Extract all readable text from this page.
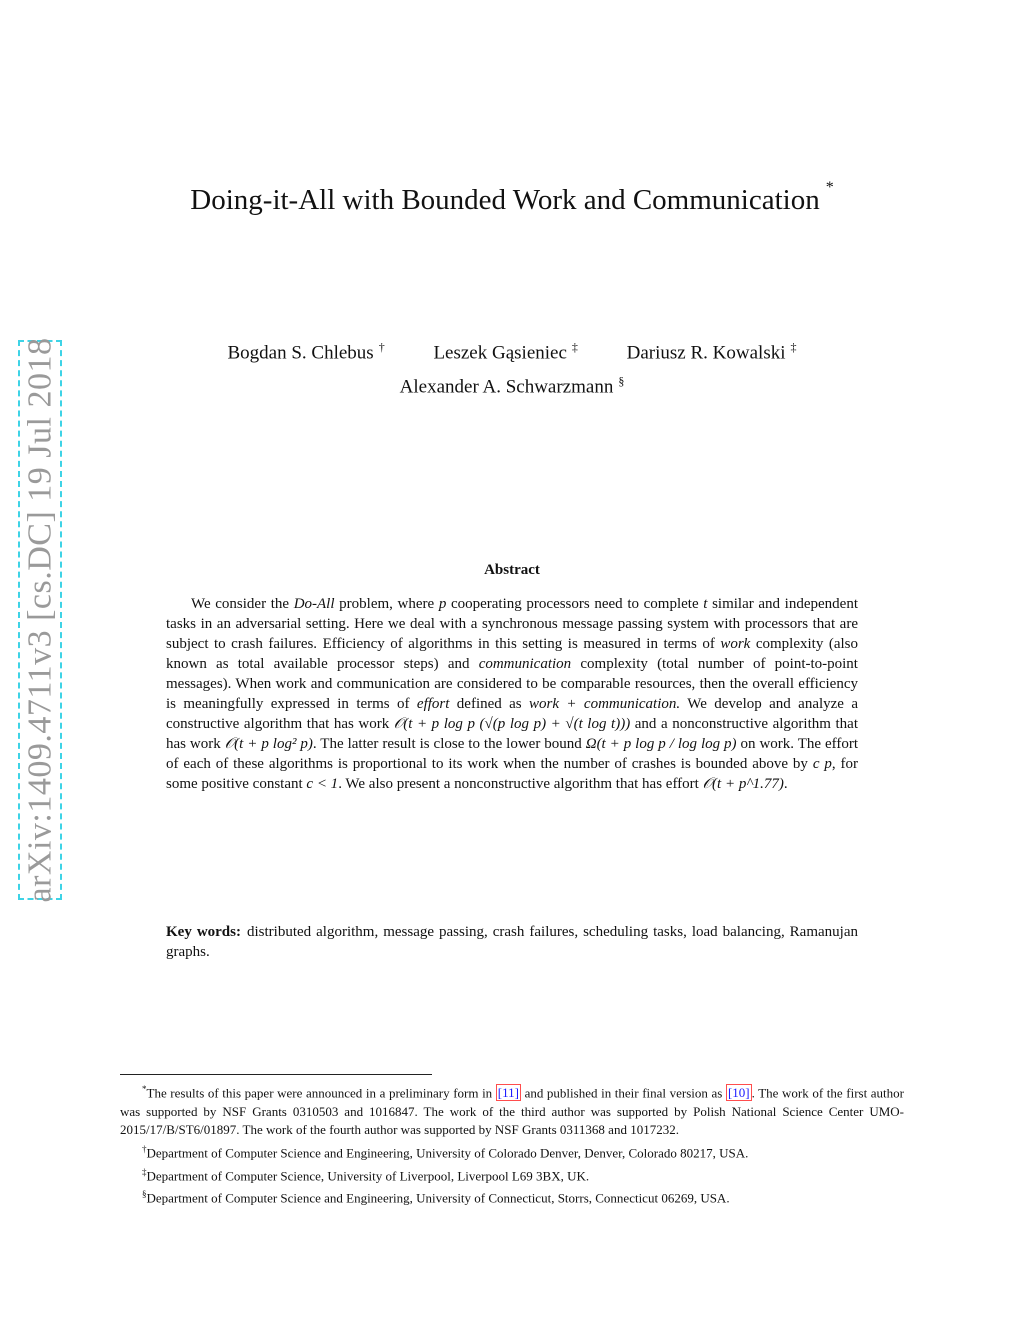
arXiv:1409.4711v3 [cs.DC] 19 Jul 2018
Doing-it-All with Bounded Work and Communication *
Bogdan S. Chlebus †	Leszek Gąsieniec ‡	Dariusz R. Kowalski ‡
Alexander A. Schwarzmann §
Abstract
We consider the Do-All problem, where p cooperating processors need to complete t similar and independent tasks in an adversarial setting. Here we deal with a synchronous message passing system with processors that are subject to crash failures. Efficiency of algorithms in this setting is measured in terms of work complexity (also known as total available processor steps) and communication complexity (total number of point-to-point messages). When work and communication are considered to be comparable resources, then the overall efficiency is meaningfully expressed in terms of effort defined as work + communication. We develop and analyze a constructive algorithm that has work 𝒪(t + p log p (√(p log p) + √(t log t))) and a nonconstructive algorithm that has work 𝒪(t + p log² p). The latter result is close to the lower bound Ω(t + p log p / log log p) on work. The effort of each of these algorithms is proportional to its work when the number of crashes is bounded above by c p, for some positive constant c < 1. We also present a nonconstructive algorithm that has effort 𝒪(t + p^1.77).
Key words: distributed algorithm, message passing, crash failures, scheduling tasks, load balancing, Ramanujan graphs.

*The results of this paper were announced in a preliminary form in [11] and published in their final version as [10] . The work of the first author was supported by NSF Grants 0310503 and 1016847. The work of the third author was supported by Polish National Science Center UMO-2015/17/B/ST6/01897. The work of the fourth author was supported by NSF Grants 0311368 and 1017232.

†Department of Computer Science and Engineering, University of Colorado Denver, Denver, Colorado 80217, USA.

‡Department of Computer Science, University of Liverpool, Liverpool L69 3BX, UK.

§Department of Computer Science and Engineering, University of Connecticut, Storrs, Connecticut 06269, USA.
